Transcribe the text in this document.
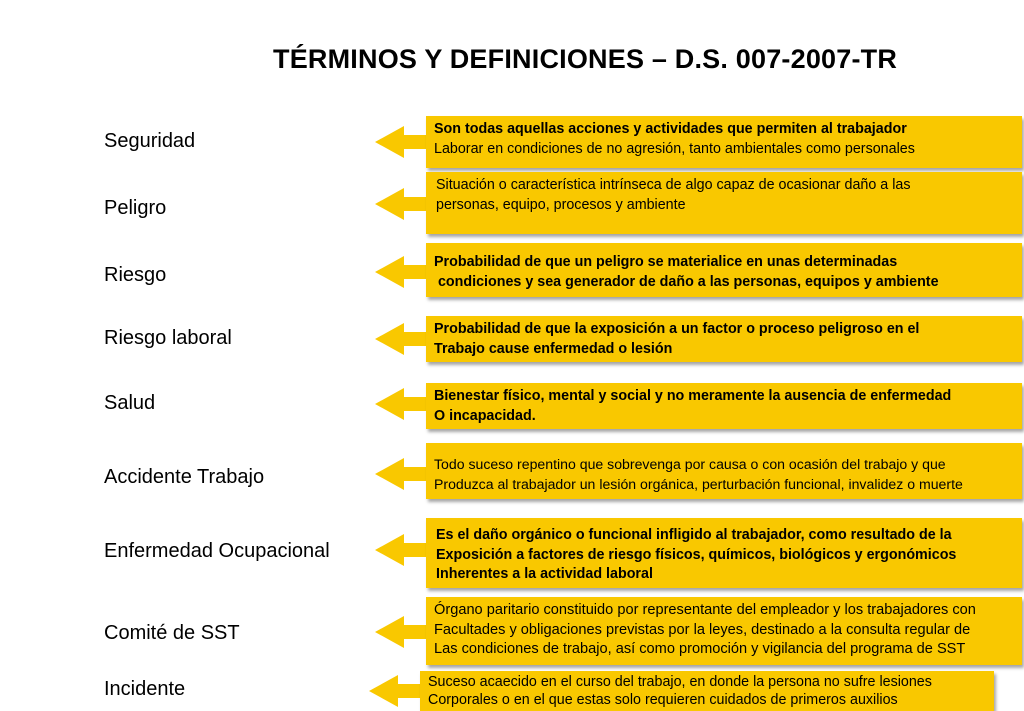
TÉRMINOS Y DEFINICIONES – D.S. 007-2007-TR
Seguridad
Son todas aquellas acciones y actividades que permiten al trabajador
Laborar en condiciones de no agresión, tanto ambientales como personales
Peligro
Situación o característica intrínseca de algo capaz de ocasionar daño a las
personas, equipo, procesos y ambiente
Riesgo
Probabilidad de que un peligro se materialice en unas determinadas
condiciones y sea generador de daño a las personas, equipos y ambiente
Riesgo laboral	Probabilidad de que la exposición a un factor o proceso peligroso en el
Trabajo cause enfermedad o lesión
Salud	Bienestar físico, mental y social y no meramente la ausencia de enfermedad
O incapacidad.
Accidente Trabajo
Todo suceso repentino que sobrevenga por causa o con ocasión del trabajo y que
Produzca al trabajador un lesión orgánica, perturbación funcional, invalidez o muerte
Enfermedad Ocupacional
Es el daño orgánico o funcional infligido al trabajador, como resultado de la
Exposición a factores de riesgo físicos, químicos, biológicos y ergonómicos
Inherentes a la actividad laboral
Comité de SST
Órgano paritario constituido por representante del empleador y los trabajadores con
Facultades y obligaciones previstas por la leyes, destinado a la consulta regular de
Las condiciones de trabajo, así como promoción y vigilancia del programa de SST
Incidente	Suceso acaecido en el curso del trabajo, en donde la persona no sufre lesiones
Corporales o en el que estas solo requieren cuidados de primeros auxilios
